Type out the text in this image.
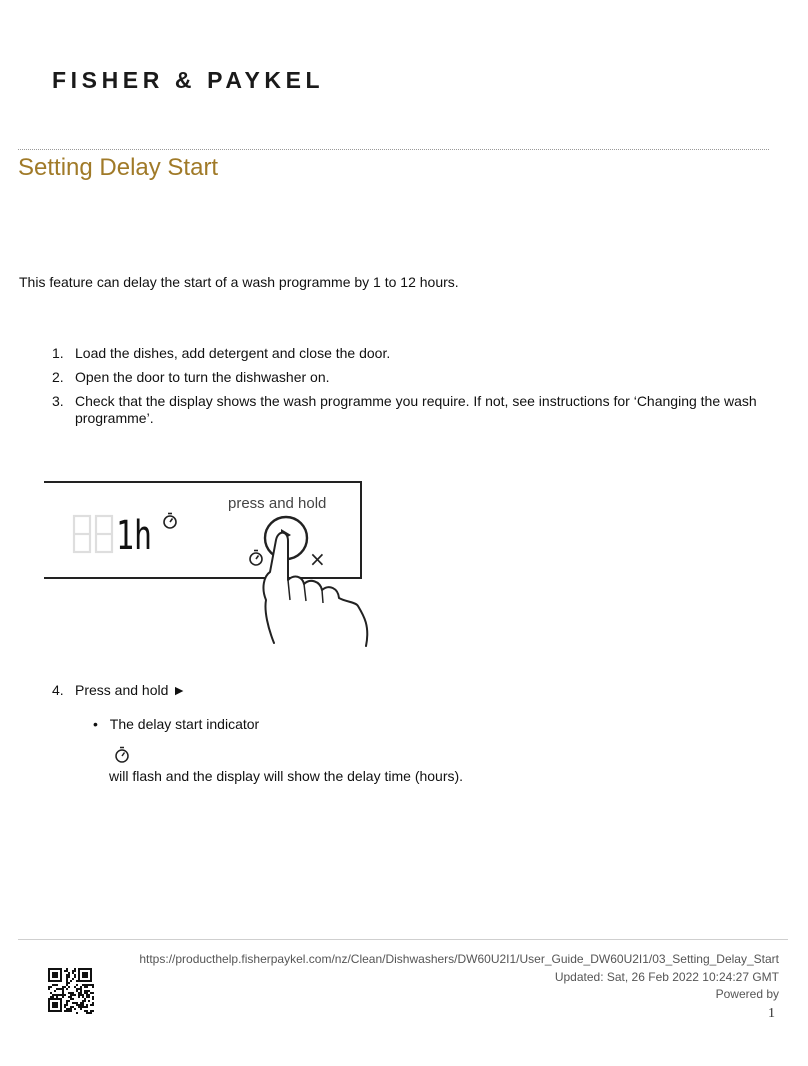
FISHER & PAYKEL
Setting Delay Start

This feature can delay the start of a wash programme by 1 to 12 hours.

1. Load the dishes, add detergent and close the door.
2. Open the door to turn the dishwasher on.
3. Check that the display shows the wash programme you require. If not, see instructions for ‘Changing the wash programme’.
4. Press and hold ►
1h
press and hold
×
• The delay start indicator
will flash and the display will show the delay time (hours).
https://producthelp.fisherpaykel.com/nz/Clean/Dishwashers/DW60U2I1/User_Guide_DW60U2I1/03_Setting_Delay_Start
Updated: Sat, 26 Feb 2022 10:24:27 GMT
Powered by
1
